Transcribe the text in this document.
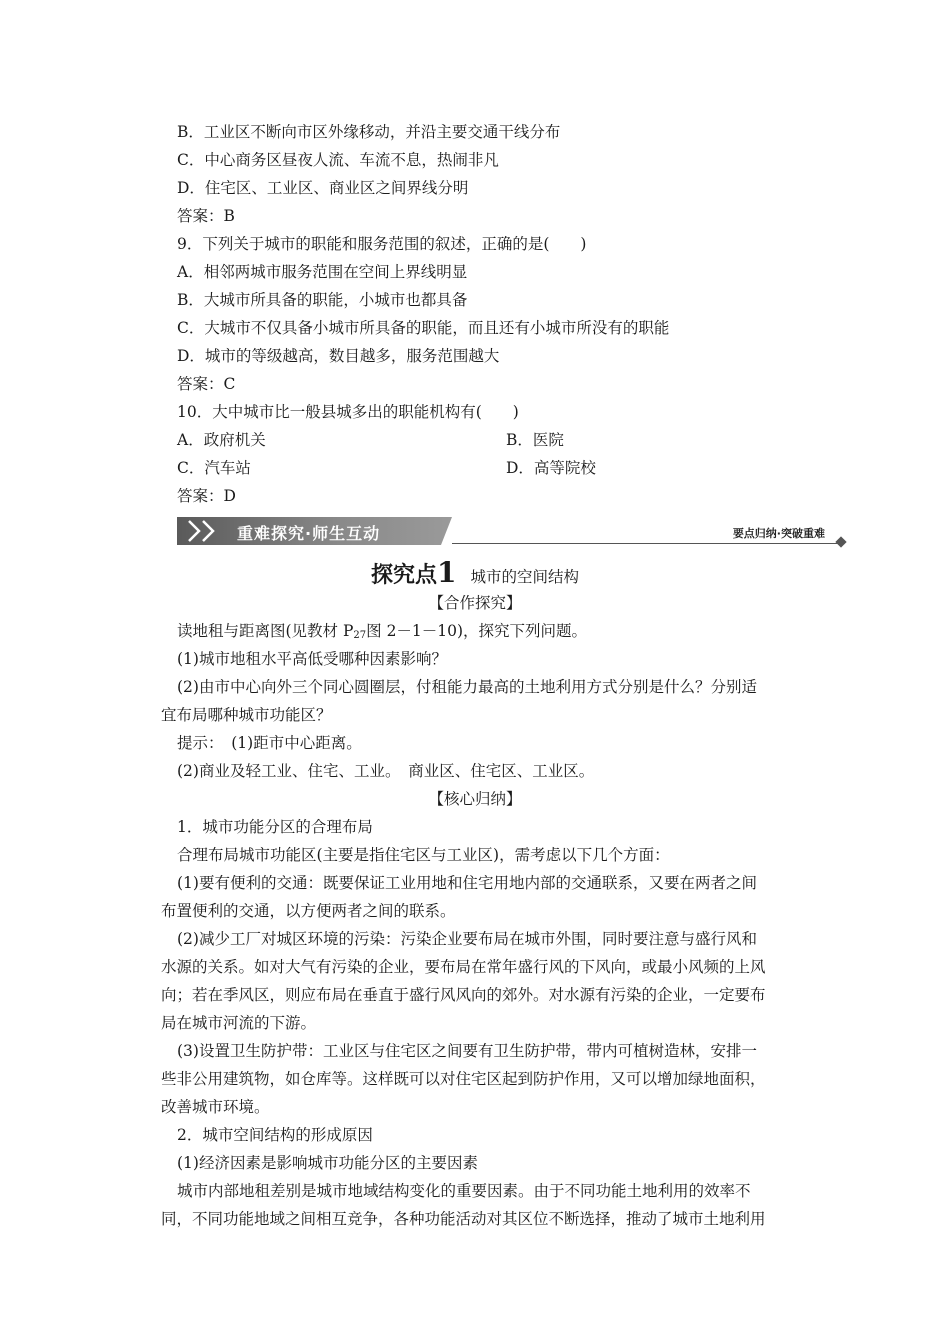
B．工业区不断向市区外缘移动，并沿主要交通干线分布
C．中心商务区昼夜人流、车流不息，热闹非凡
D．住宅区、工业区、商业区之间界线分明
答案：B
9．下列关于城市的职能和服务范围的叙述，正确的是(　　)
A．相邻两城市服务范围在空间上界线明显
B．大城市所具备的职能，小城市也都具备
C．大城市不仅具备小城市所具备的职能，而且还有小城市所没有的职能
D．城市的等级越高，数目越多，服务范围越大
答案：C
10．大中城市比一般县城多出的职能机构有(　　)
A．政府机关	B．医院
C．汽车站	D．高等院校
答案：D
重难探究·师生互动	要点归纳·突破重难
探究点1 城市的空间结构
【合作探究】
读地租与距离图(见教材 $P_{27}$图 2－1－10)，探究下列问题。
(1)城市地租水平高低受哪种因素影响？
(2)由市中心向外三个同心圆圈层，付租能力最高的土地利用方式分别是什么？分别适
宜布局哪种城市功能区？
提示：　(1)距市中心距离。
(2)商业及轻工业、住宅、工业。　商业区、住宅区、工业区。
【核心归纳】
1．城市功能分区的合理布局
合理布局城市功能区(主要是指住宅区与工业区)，需考虑以下几个方面：
(1)要有便利的交通：既要保证工业用地和住宅用地内部的交通联系，又要在两者之间
布置便利的交通，以方便两者之间的联系。
(2)减少工厂对城区环境的污染：污染企业要布局在城市外围，同时要注意与盛行风和
水源的关系。如对大气有污染的企业，要布局在常年盛行风的下风向，或最小风频的上风
向；若在季风区，则应布局在垂直于盛行风风向的郊外。对水源有污染的企业，一定要布
局在城市河流的下游。
(3)设置卫生防护带：工业区与住宅区之间要有卫生防护带，带内可植树造林，安排一
些非公用建筑物，如仓库等。这样既可以对住宅区起到防护作用，又可以增加绿地面积，
改善城市环境。
2．城市空间结构的形成原因
(1)经济因素是影响城市功能分区的主要因素
城市内部地租差别是城市地域结构变化的重要因素。由于不同功能土地利用的效率不
同，不同功能地域之间相互竞争，各种功能活动对其区位不断选择，推动了城市土地利用
